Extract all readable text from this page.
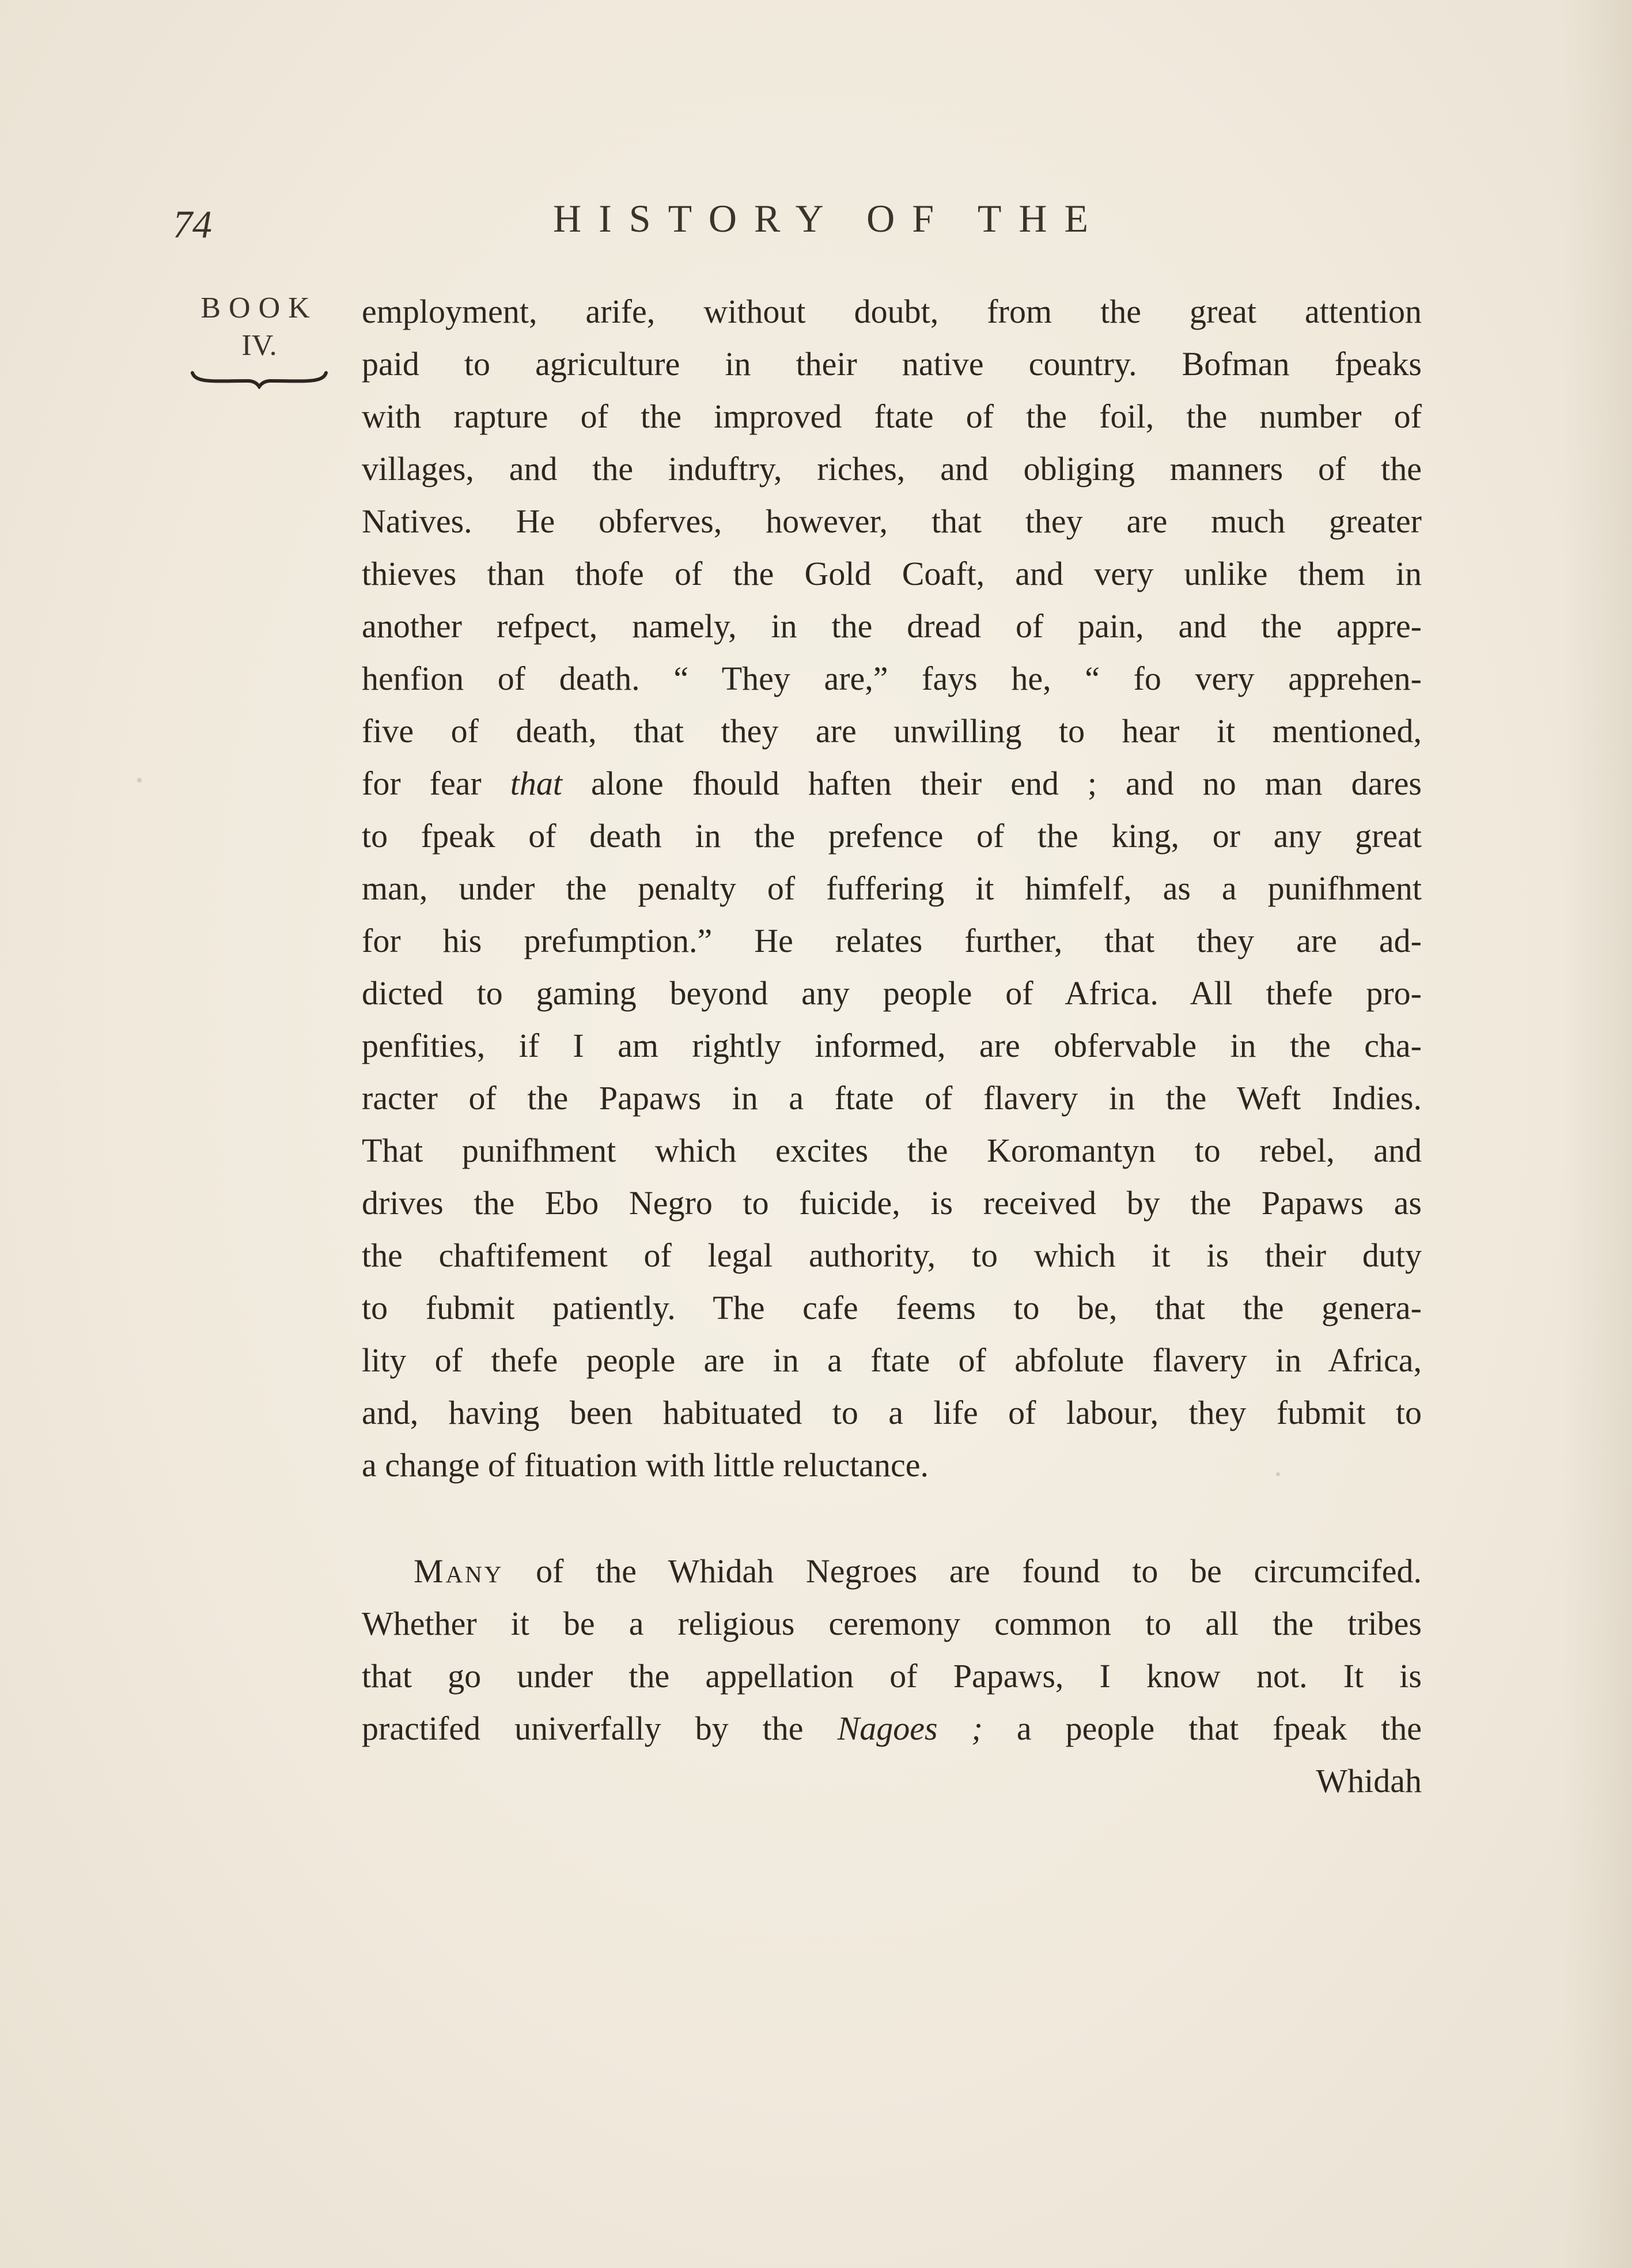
74	HISTORY OF THE
BOOK
IV.
employment, arife, without doubt, from the great attention
paid to agriculture in their native country. Bofman fpeaks
with rapture of the improved ftate of the foil, the number of
villages, and the induftry, riches, and obliging manners of the
Natives. He obferves, however, that they are much greater
thieves than thofe of the Gold Coaft, and very unlike them in
another refpect, namely, in the dread of pain, and the appre-
henfion of death. “ They are,” fays he, “ fo very apprehen-
five of death, that they are unwilling to hear it mentioned,
for fear that alone fhould haften their end ; and no man dares
to fpeak of death in the prefence of the king, or any great
man, under the penalty of fuffering it himfelf, as a punifhment
for his prefumption.” He relates further, that they are ad-
dicted to gaming beyond any people of Africa. All thefe pro-
penfities, if I am rightly informed, are obfervable in the cha-
racter of the Papaws in a ftate of flavery in the Weft Indies.
That punifhment which excites the Koromantyn to rebel, and
drives the Ebo Negro to fuicide, is received by the Papaws as
the chaftifement of legal authority, to which it is their duty
to fubmit patiently. The cafe feems to be, that the genera-
lity of thefe people are in a ftate of abfolute flavery in Africa,
and, having been habituated to a life of labour, they fubmit to
a change of fituation with little reluctance.
Many of the Whidah Negroes are found to be circumcifed.
Whether it be a religious ceremony common to all the tribes
that go under the appellation of Papaws, I know not. It is
practifed univerfally by the Nagoes ; a people that fpeak the
Whidah
